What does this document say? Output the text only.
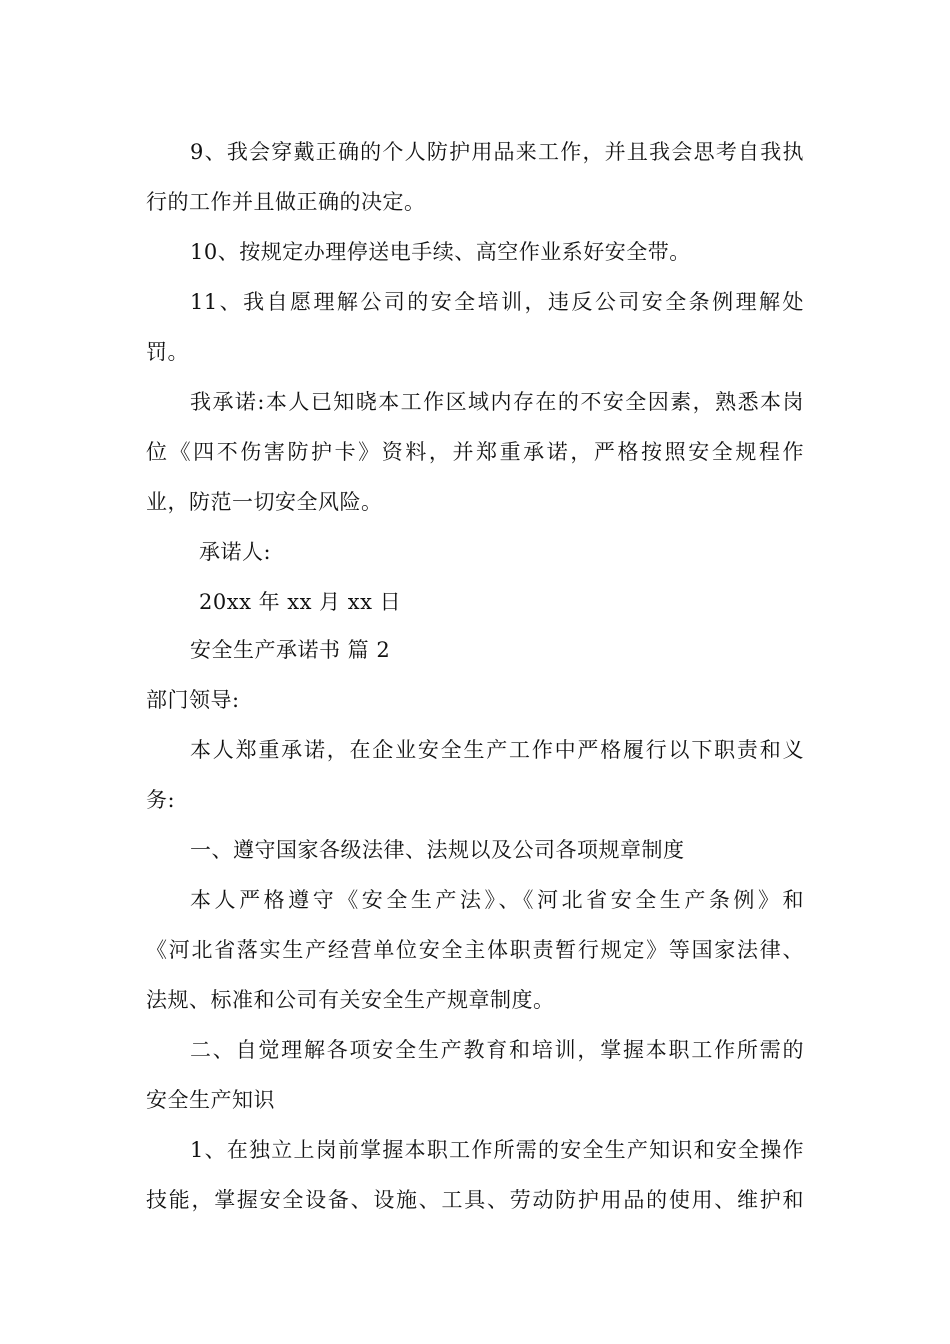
9、我会穿戴正确的个人防护用品来工作，并且我会思考自我执
行的工作并且做正确的决定。
10、按规定办理停送电手续、高空作业系好安全带。
11、我自愿理解公司的安全培训，违反公司安全条例理解处
罚。
我承诺:本人已知晓本工作区域内存在的不安全因素，熟悉本岗
位《四不伤害防护卡》资料，并郑重承诺，严格按照安全规程作
业，防范一切安全风险。
承诺人:
20xx 年 xx 月 xx 日
安全生产承诺书 篇 2
部门领导:
本人郑重承诺，在企业安全生产工作中严格履行以下职责和义
务:
一、遵守国家各级法律、法规以及公司各项规章制度
本人严格遵守《安全生产法》、《河北省安全生产条例》和
《河北省落实生产经营单位安全主体职责暂行规定》等国家法律、
法规、标准和公司有关安全生产规章制度。
二、自觉理解各项安全生产教育和培训，掌握本职工作所需的
安全生产知识
1、在独立上岗前掌握本职工作所需的安全生产知识和安全操作
技能，掌握安全设备、设施、工具、劳动防护用品的使用、维护和
